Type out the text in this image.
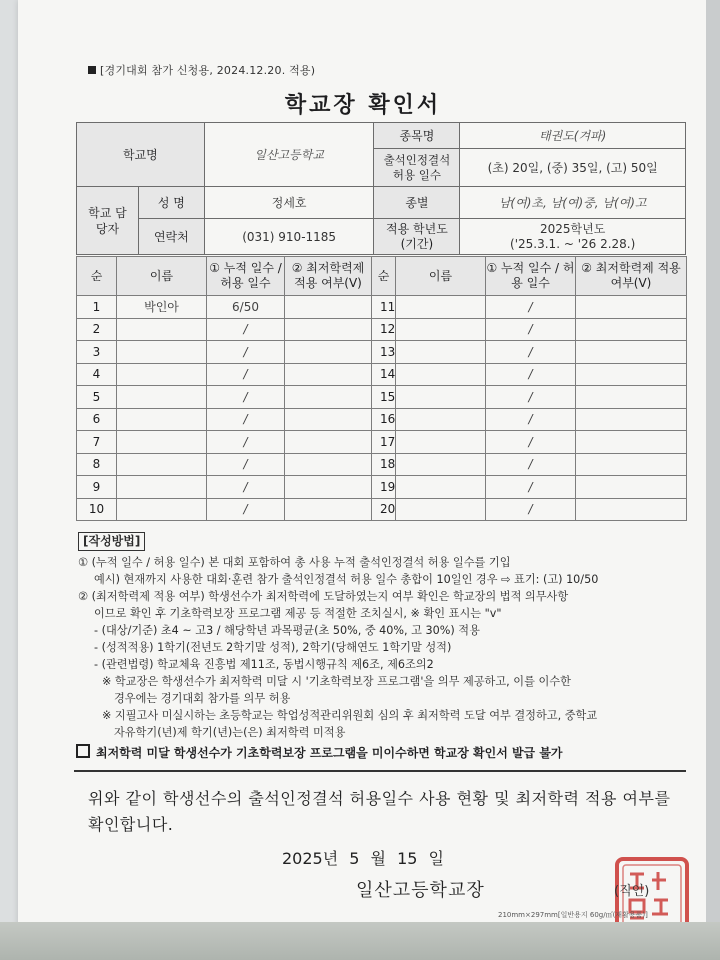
[경기대회 참가 신청용, 2024.12.20. 적용)
학교장 확인서
학교명		일산고등학교	종목명	태권도(겨파)
			출석인정결석 허용 일수	(초) 20일, (중) 35일, (고) 50일
학교 담당자	성 명	정세호	종별	남(여)초, 남(여)중, 남(여)고
	연락처	(031) 910-1185	적용 학년도 (기간)	2025학년도
('25.3.1. ~ '26 2.28.)
순	이름	① 누적 일수 / 허용 일수	② 최저학력제 적용 여부(V)	순	이름	① 누적 일수 / 허용 일수	② 최저학력제 적용 여부(V)
1	박인아	6/50		11		/	
2		/		12		/	
3		/		13		/	
4		/		14		/	
5		/		15		/	
6		/		16		/	
7		/		17		/	
8		/		18		/	
9		/		19		/	
10		/		20		/	
[작성방법]

① (누적 일수 / 허용 일수) 본 대회 포함하여 총 사용 누적 출석인정결석 허용 일수를 기입

예시) 현재까지 사용한 대회·훈련 참가 출석인정결석 허용 일수 총합이 10일인 경우 ⇨ 표기: (고) 10/50

② (최저학력제 적용 여부) 학생선수가 최저학력에 도달하였는지 여부 확인은 학교장의 법적 의무사항

이므로 확인 후 기초학력보장 프로그램 제공 등 적절한 조치실시, ※ 확인 표시는 "v"

- (대상/기준) 초4 ~ 고3 / 해당학년 과목평균(초 50%, 중 40%, 고 30%) 적용

- (성적적용) 1학기(전년도 2학기말 성적), 2학기(당해연도 1학기말 성적)

- (관련법령) 학교체육 진흥법 제11조, 동법시행규칙 제6조, 제6조의2

※ 학교장은 학생선수가 최저학력 미달 시 '기초학력보장 프로그램'을 의무 제공하고, 이를 이수한

경우에는 경기대회 참가를 의무 허용

※ 지필고사 미실시하는 초등학교는 학업성적관리위원회 심의 후 최저학력 도달 여부 결정하고, 중학교

자유학기(년)제 학기(년)는(은) 최저학력 미적용

최저학력 미달 학생선수가 기초학력보장 프로그램을 미이수하면 학교장 확인서 발급 불가
위와 같이 학생선수의 출석인정결석 허용일수 사용 현황 및 최저학력 적용 여부를 확인합니다.
2025년 5 월 15 일
일산고등학교장	(직인)
210mm×297mm[일반용지 60g/㎡(재활용품)]
